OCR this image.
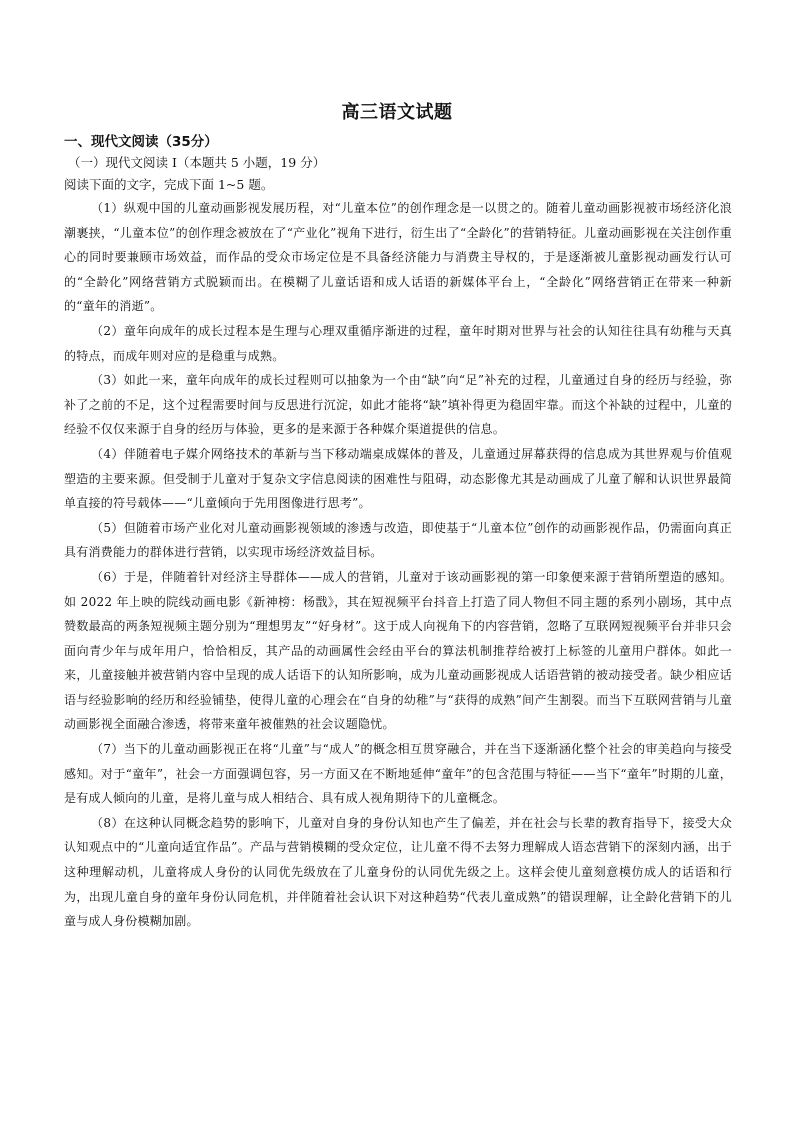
高三语文试题

一、现代文阅读（35分）

（一）现代文阅读 I（本题共 5 小题，19 分）

阅读下面的文字，完成下面 1~5 题。

（1）纵观中国的儿童动画影视发展历程，对“儿童本位”的创作理念是一以贯之的。随着儿童动画影视被市场经济化浪潮裹挟，“儿童本位”的创作理念被放在了“产业化”视角下进行，衍生出了“全龄化”的营销特征。儿童动画影视在关注创作重心的同时要兼顾市场效益，而作品的受众市场定位是不具备经济能力与消费主导权的，于是逐渐被儿童影视动画发行认可的“全龄化”网络营销方式脱颖而出。在模糊了儿童话语和成人话语的新媒体平台上，“全龄化”网络营销正在带来一种新的“童年的消逝”。

（2）童年向成年的成长过程本是生理与心理双重循序渐进的过程，童年时期对世界与社会的认知往往具有幼稚与天真的特点，而成年则对应的是稳重与成熟。

（3）如此一来，童年向成年的成长过程则可以抽象为一个由“缺”向“足”补充的过程，儿童通过自身的经历与经验，弥补了之前的不足，这个过程需要时间与反思进行沉淀，如此才能将“缺”填补得更为稳固牢靠。而这个补缺的过程中，儿童的经验不仅仅来源于自身的经历与体验，更多的是来源于各种媒介渠道提供的信息。

（4）伴随着电子媒介网络技术的革新与当下移动端桌成媒体的普及，儿童通过屏幕获得的信息成为其世界观与价值观塑造的主要来源。但受制于儿童对于复杂文字信息阅读的困难性与阻碍，动态影像尤其是动画成了儿童了解和认识世界最简单直接的符号载体——“儿童倾向于先用图像进行思考”。

（5）但随着市场产业化对儿童动画影视领域的渗透与改造，即使基于“儿童本位”创作的动画影视作品，仍需面向真正具有消费能力的群体进行营销，以实现市场经济效益目标。

（6）于是，伴随着针对经济主导群体——成人的营销，儿童对于该动画影视的第一印象便来源于营销所塑造的感知。如 2022 年上映的院线动画电影《新神榜：杨戬》，其在短视频平台抖音上打造了同人物但不同主题的系列小剧场，其中点赞数最高的两条短视频主题分别为“理想男友”“好身材”。这于成人向视角下的内容营销，忽略了互联网短视频平台并非只会面向青少年与成年用户，恰恰相反，其产品的动画属性会经由平台的算法机制推荐给被打上标签的儿童用户群体。如此一来，儿童接触并被营销内容中呈现的成人话语下的认知所影响，成为儿童动画影视成人话语营销的被动接受者。缺少相应话语与经验影响的经历和经验铺垫，使得儿童的心理会在“自身的幼稚”与“获得的成熟”间产生割裂。而当下互联网营销与儿童动画影视全面融合渗透，将带来童年被催熟的社会议题隐忧。

（7）当下的儿童动画影视正在将“儿童”与“成人”的概念相互贯穿融合，并在当下逐渐涵化整个社会的审美趋向与接受感知。对于“童年”，社会一方面强调包容，另一方面又在不断地延伸“童年”的包含范围与特征——当下“童年”时期的儿童，是有成人倾向的儿童，是将儿童与成人相结合、具有成人视角期待下的儿童概念。

（8）在这种认同概念趋势的影响下，儿童对自身的身份认知也产生了偏差，并在社会与长辈的教育指导下，接受大众认知观点中的“儿童向适宜作品”。产品与营销模糊的受众定位，让儿童不得不去努力理解成人语态营销下的深刻内涵，出于这种理解动机，儿童将成人身份的认同优先级放在了儿童身份的认同优先级之上。这样会使儿童刻意模仿成人的话语和行为，出现儿童自身的童年身份认同危机，并伴随着社会认识下对这种趋势“代表儿童成熟”的错误理解，让全龄化营销下的儿童与成人身份模糊加剧。
